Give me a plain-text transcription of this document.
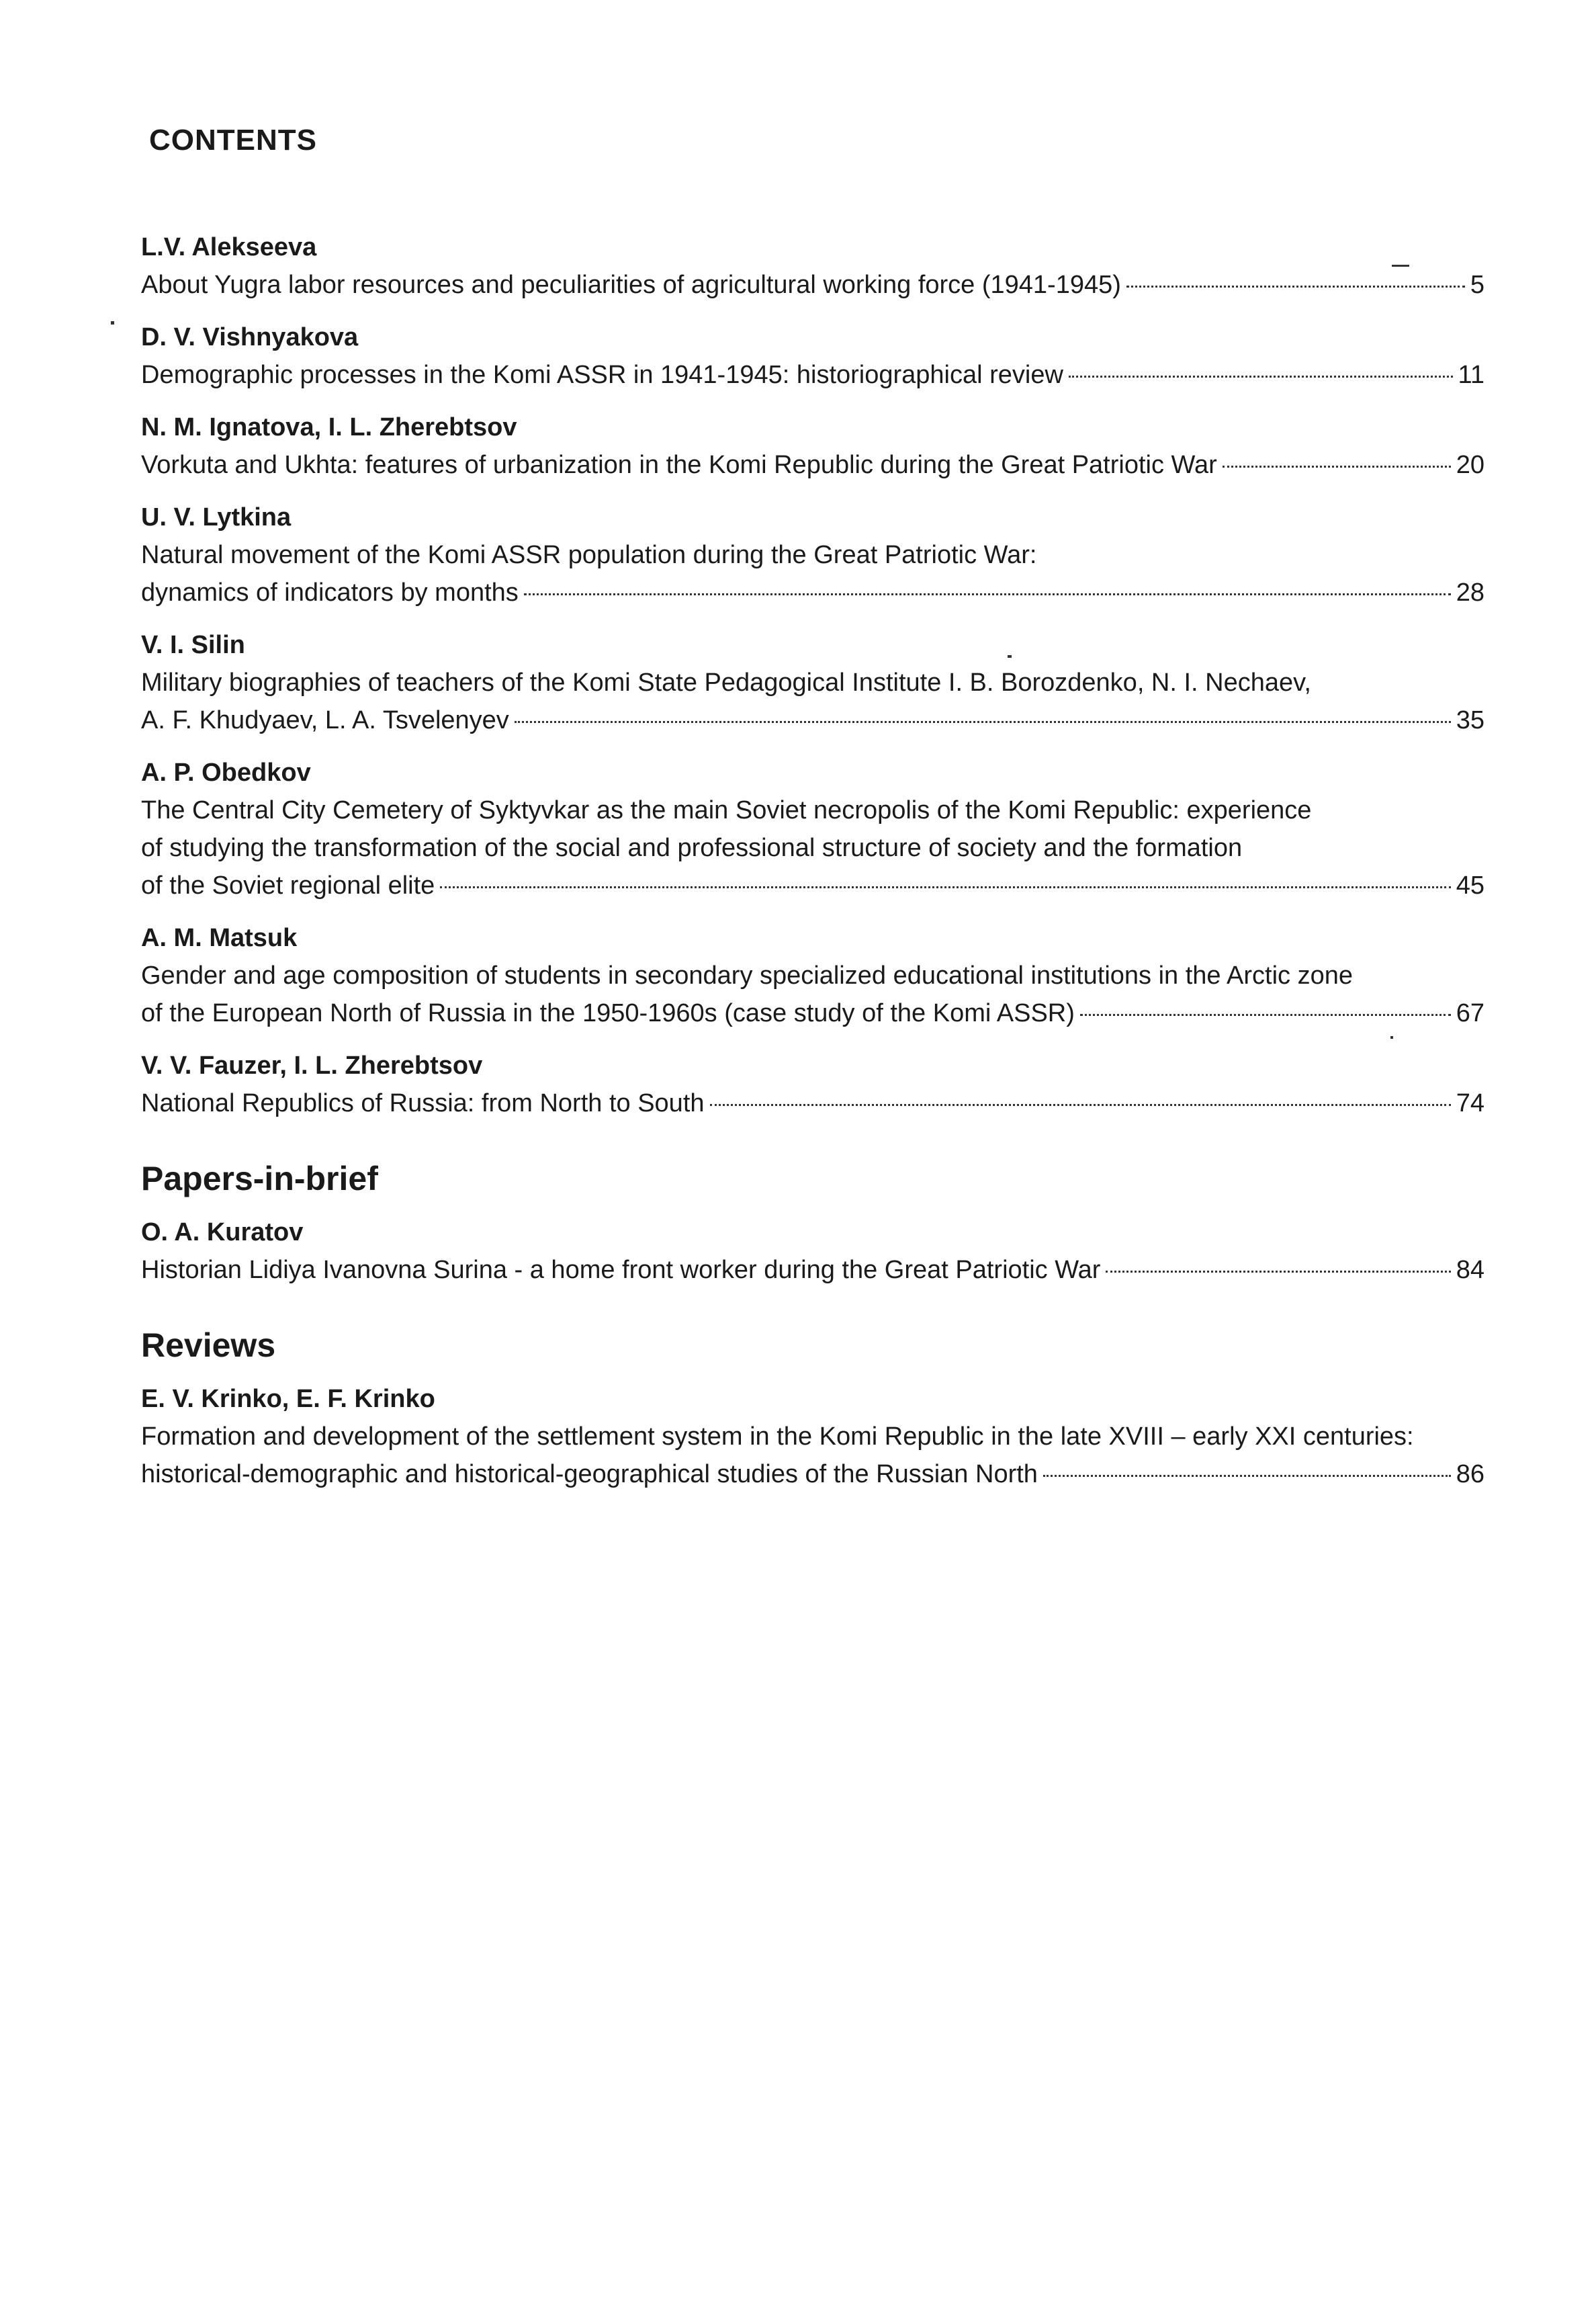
CONTENTS
L.V. Alekseeva
About Yugra labor resources and peculiarities of agricultural working force (1941-1945)	5
D. V. Vishnyakova
Demographic processes in the Komi ASSR in 1941-1945: historiographical review	11
N. M. Ignatova, I. L. Zherebtsov
Vorkuta and Ukhta: features of urbanization in the Komi Republic during the Great Patriotic War	20
U. V. Lytkina
Natural movement of the Komi ASSR population during the Great Patriotic War:
dynamics of indicators by months	28
V. I. Silin
Military biographies of teachers of the Komi State Pedagogical Institute I. B. Borozdenko, N. I. Nechaev,
A. F. Khudyaev, L. A. Tsvelenyev	35
A. P. Obedkov
The Central City Cemetery of Syktyvkar as the main Soviet necropolis of the Komi Republic: experience
of studying the transformation of the social and professional structure of society and the formation
of the Soviet regional elite	45
A. M. Matsuk
Gender and age composition of students in secondary specialized educational institutions in the Arctic zone
of the European North of Russia in the 1950-1960s (case study of the Komi ASSR)	67
V. V. Fauzer, I. L. Zherebtsov
National Republics of Russia: from North to South	74
Papers-in-brief
O. A. Kuratov
Historian Lidiya Ivanovna Surina - a home front worker during the Great Patriotic War	84
Reviews
E. V. Krinko, E. F. Krinko
Formation and development of the settlement system in the Komi Republic in the late XVIII – early XXI centuries:
historical-demographic and historical-geographical studies of the Russian North	86
